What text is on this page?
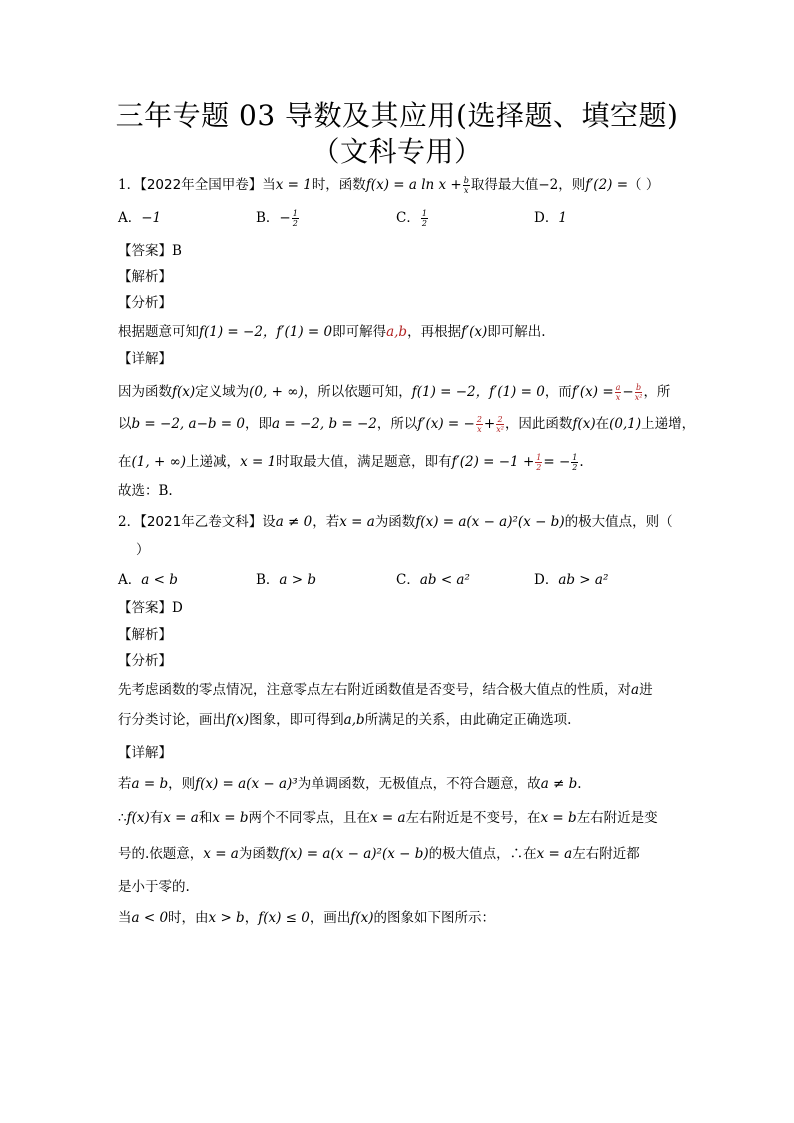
三年专题 03 导数及其应用(选择题、填空题)
（文科专用）
1．【2022年全国甲卷】当x = 1时，函数f(x) = a $\ln x + \frac{b}{x}$ 取得最大值−2，则f′(2) =（ ）
A．−1	B．− $\frac{1}{2}$	C． $\frac{1}{2}$	D．1
【答案】B
【解析】
【分析】
根据题意可知f(1) = −2，f′(1) = 0即可解得a,b，再根据f′(x)即可解出.
【详解】
因为函数f(x)定义域为(0, + ∞)，所以依题可知，f(1) = −2，f′(1) = 0，而$f'(x) = \frac{a}{x} - \frac{b}{\text{x²}}$ ，所
以b = −2, a−b = 0，即a = −2, b = −2，所以f′(x) = − $\frac{2}{x} + \frac{2}{\text{x²}}$ ，因此函数f(x)在(0,1)上递增，
在(1, + ∞)上递减，x = 1时取最大值，满足题意，即有$f'(2) = -1 + \frac{1}{2}$ = − $\frac{1}{2}$ .
故选：B.
2．【2021年乙卷文科】设a ≠ 0，若x = a为函数f(x) = a(x − a)²(x − b)的极大值点，则（
）
A．a < b	B．a > b	C．ab < a²	D．ab > a²
【答案】D
【解析】
【分析】
先考虑函数的零点情况，注意零点左右附近函数值是否变号，结合极大值点的性质，对a进
行分类讨论，画出f(x)图象，即可得到a,b所满足的关系，由此确定正确选项.
【详解】
若a = b，则f(x) = a(x − a)³为单调函数，无极值点，不符合题意，故a ≠ b.
∴f(x)有x = a和x = b两个不同零点，且在x = a左右附近是不变号，在x = b左右附近是变
号的.依题意，x = a为函数f(x) = a(x − a)²(x − b)的极大值点，∴在x = a左右附近都
是小于零的.
当a < 0时，由x > b，f(x) ≤ 0，画出f(x)的图象如下图所示：
